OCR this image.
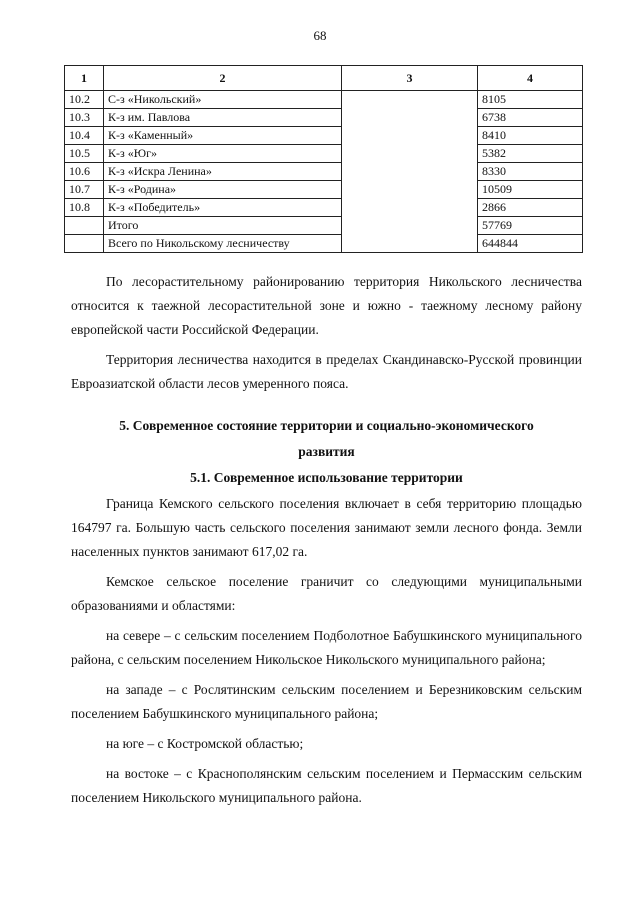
68
1	2	3	4
10.2	С-з «Никольский»		8105
10.3	К-з им. Павлова		6738
10.4	К-з «Каменный»		8410
10.5	К-з «Юг»		5382
10.6	К-з «Искра Ленина»		8330
10.7	К-з «Родина»		10509
10.8	К-з «Победитель»		2866
	Итого		57769
	Всего по Никольскому лесничеству		644844

По лесорастительному районированию территория Никольского лесничества относится к таежной лесорастительной зоне и южно - таежному лесному району европейской части Российской Федерации.

Территория лесничества находится в пределах Скандинавско-Русской провинции Евроазиатской области лесов умеренного пояса.

5. Современное состояние территории и социально-экономического

развития

5.1. Современное использование территории

Граница Кемского сельского поселения включает в себя территорию площадью 164797 га. Большую часть сельского поселения занимают земли лесного фонда. Земли населенных пунктов занимают 617,02 га.

Кемское сельское поселение граничит со следующими муниципальными образованиями и областями:

на севере – с сельским поселением Подболотное Бабушкинского муниципального района, с сельским поселением Никольское Никольского муниципального района;

на западе – с Рослятинским сельским поселением и Березниковским сельским поселением Бабушкинского муниципального района;

на юге – с Костромской областью;

на востоке – с Краснополянским сельским поселением и Пермасским сельским поселением Никольского муниципального района.
